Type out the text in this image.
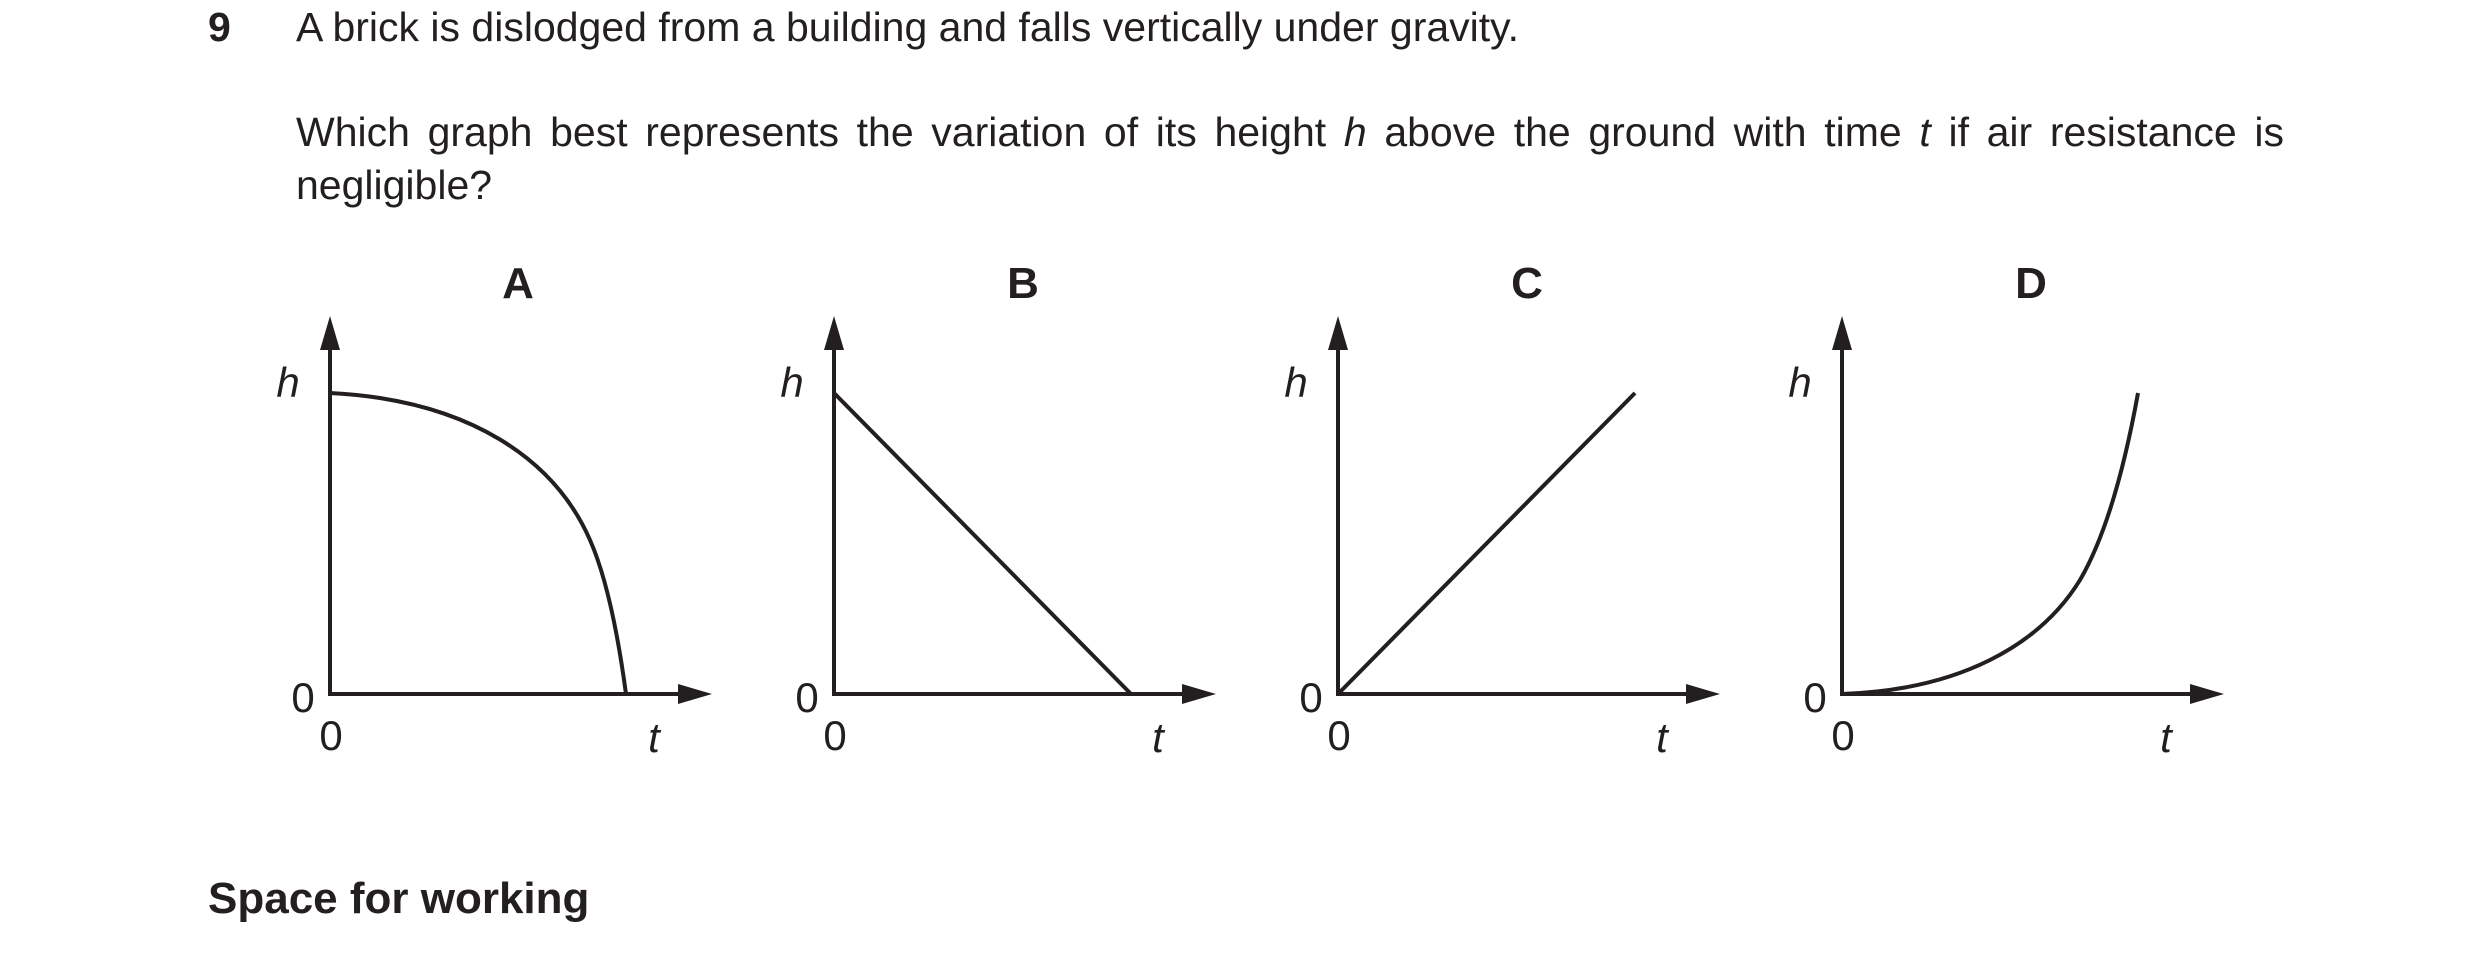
9 A brick is dislodged from a building and falls vertically under gravity.
Which graph best represents the variation of its height h above the ground with time t if air resistance is negligible?
A
h
0
0	t
B
h
0
0	t
C
h
0
0	t
D
h
0
0	t
Space for working
